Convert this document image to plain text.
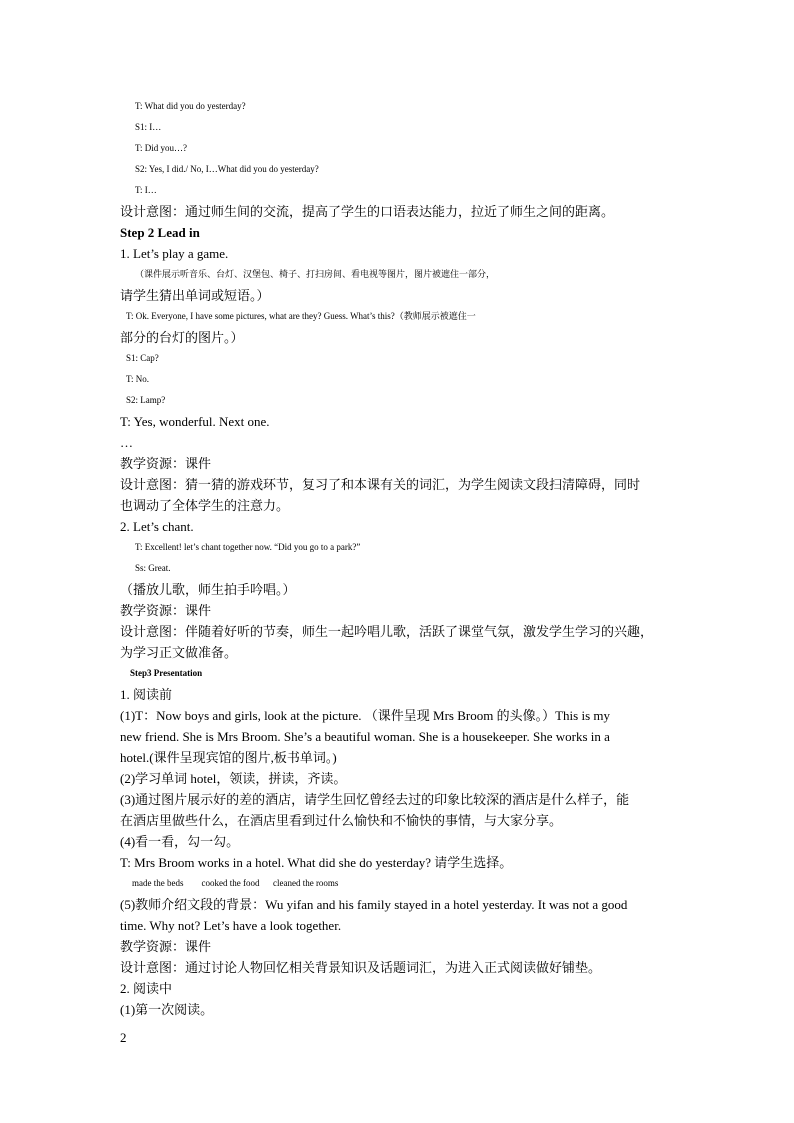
T: What did you do yesterday?
S1: I…
T: Did you…?
S2: Yes, I did./ No, I…What did you do yesterday?
T: I…
设计意图：通过师生间的交流，提高了学生的口语表达能力，拉近了师生之间的距离。
Step 2 Lead in
1. Let’s play a game.
（课件展示听音乐、台灯、汉堡包、椅子、打扫房间、看电视等图片，图片被遮住一部分，
请学生猜出单词或短语。）
T: Ok. Everyone, I have some pictures, what are they? Guess. What’s this?（教师展示被遮住一
部分的台灯的图片。）
S1: Cap?
T: No.
S2: Lamp?
T: Yes, wonderful. Next one.
…
教学资源：课件
设计意图：猜一猜的游戏环节，复习了和本课有关的词汇，为学生阅读文段扫清障碍，同时
也调动了全体学生的注意力。
2. Let’s chant.
T: Excellent! let’s chant together now. “Did you go to a park?”
Ss: Great.
（播放儿歌，师生拍手吟唱。）
教学资源：课件
设计意图：伴随着好听的节奏，师生一起吟唱儿歌，活跃了课堂气氛，激发学生学习的兴趣，
为学习正文做准备。
Step3 Presentation
1. 阅读前
(1)T：Now boys and girls, look at the picture. （课件呈现 Mrs Broom 的头像。）This is my
new friend. She is Mrs Broom. She’s a beautiful woman. She is a housekeeper. She works in a
hotel.(课件呈现宾馆的图片,板书单词。)
(2)学习单词 hotel，领读，拼读，齐读。
(3)通过图片展示好的差的酒店，请学生回忆曾经去过的印象比较深的酒店是什么样子，能
在酒店里做些什么，在酒店里看到过什么愉快和不愉快的事情，与大家分享。
(4)看一看，勾一勾。
T: Mrs Broom works in a hotel. What did she do yesterday? 请学生选择。
made the beds        cooked the food      cleaned the rooms
(5)教师介绍文段的背景：Wu yifan and his family stayed in a hotel yesterday. It was not a good
time. Why not? Let’s have a look together.
教学资源：课件
设计意图：通过讨论人物回忆相关背景知识及话题词汇，为进入正式阅读做好铺垫。
2. 阅读中
(1)第一次阅读。
2
